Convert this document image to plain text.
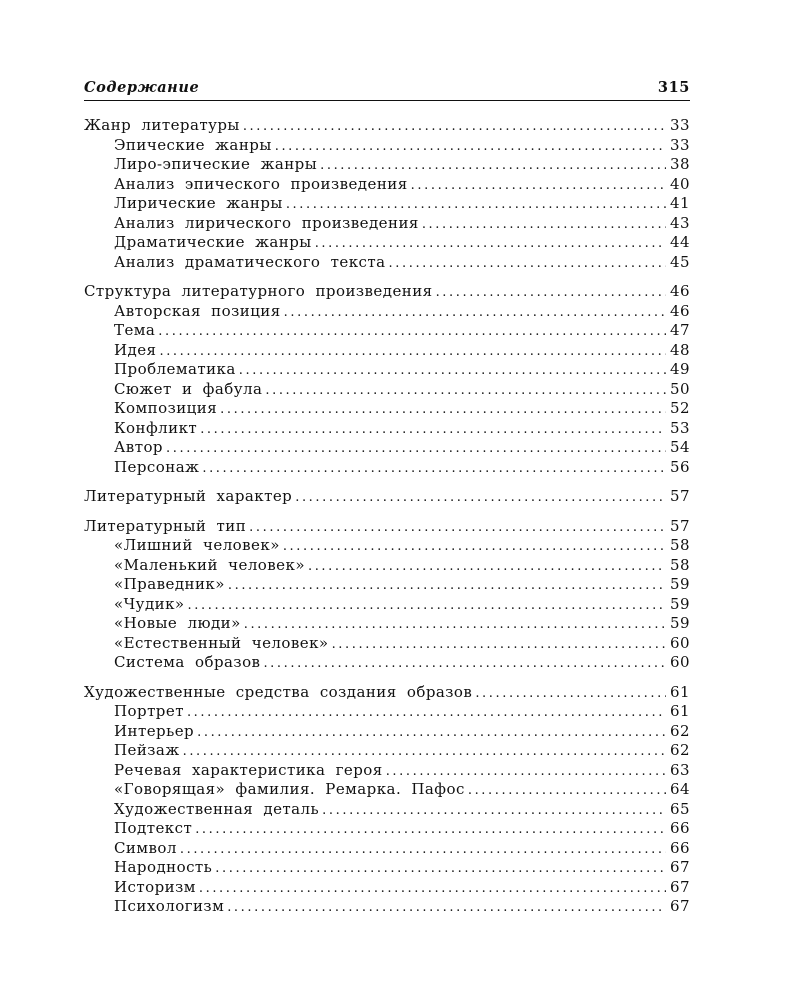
Содержание	315
Жанр литературы .....	33
Эпические жанры .....	33
Лиро-эпические жанры .....	38
Анализ эпического произведения .....	40
Лирические жанры .....	41
Анализ лирического произведения .....	43
Драматические жанры .....	44
Анализ драматического текста .....	45
Структура литературного произведения .....	46
Авторская позиция .....	46
Тема .....	47
Идея .....	48
Проблематика .....	49
Сюжет и фабула .....	50
Композиция .....	52
Конфликт .....	53
Автор .....	54
Персонаж .....	56
Литературный характер .....	57
Литературный тип .....	57
«Лишний человек» .....	58
«Маленький человек» .....	58
«Праведник» .....	59
«Чудик» .....	59
«Новые люди» .....	59
«Естественный человек» .....	60
Система образов .....	60
Художественные средства создания образов .....	61
Портрет .....	61
Интерьер .....	62
Пейзаж .....	62
Речевая характеристика героя .....	63
«Говорящая» фамилия. Ремарка. Пафос .....	64
Художественная деталь .....	65
Подтекст .....	66
Символ .....	66
Народность .....	67
Историзм .....	67
Психологизм .....	67
